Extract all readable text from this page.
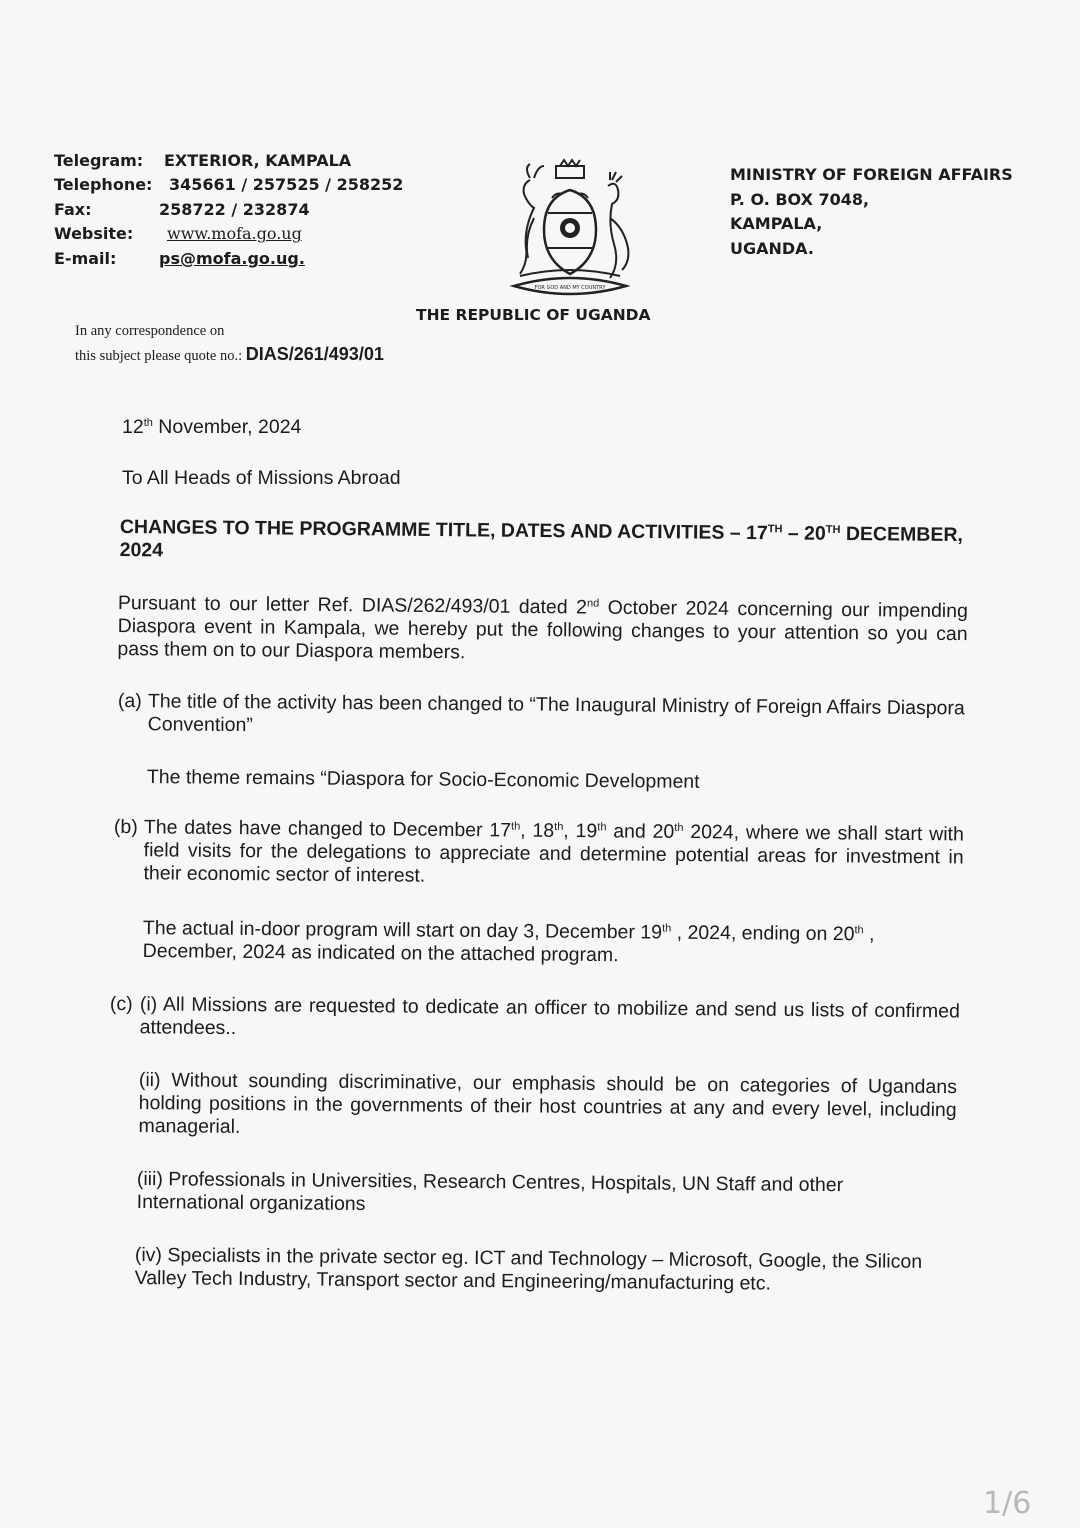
Telegram:	EXTERIOR, KAMPALA
Telephone:	345661 / 257525 / 258252
Fax:	258722 / 232874
Website:	www.mofa.go.ug
E-mail:	ps@mofa.go.ug.
FOR GOD AND MY COUNTRY
THE REPUBLIC OF UGANDA
MINISTRY OF FOREIGN AFFAIRS
P. O. BOX 7048,
KAMPALA,
UGANDA.
In any correspondence on
this subject please quote no.: DIAS/261/493/01
12th November, 2024
To All Heads of Missions Abroad
CHANGES TO THE PROGRAMME TITLE, DATES AND ACTIVITIES – 17TH – 20TH DECEMBER, 2024
Pursuant to our letter Ref. DIAS/262/493/01 dated 2nd October 2024 concerning our impending Diaspora event in Kampala, we hereby put the following changes to your attention so you can pass them on to our Diaspora members.
(a) The title of the activity has been changed to “The Inaugural Ministry of Foreign Affairs Diaspora Convention”
The theme remains “Diaspora for Socio-Economic Development
(b) The dates have changed to December 17th, 18th, 19th and 20th 2024, where we shall start with field visits for the delegations to appreciate and determine potential areas for investment in their economic sector of interest.
The actual in-door program will start on day 3, December 19th , 2024, ending on 20th , December, 2024 as indicated on the attached program.
(c) (i) All Missions are requested to dedicate an officer to mobilize and send us lists of confirmed attendees..
(ii) Without sounding discriminative, our emphasis should be on categories of Ugandans holding positions in the governments of their host countries at any and every level, including managerial.
(iii) Professionals in Universities, Research Centres, Hospitals, UN Staff and other International organizations
(iv) Specialists in the private sector eg. ICT and Technology – Microsoft, Google, the Silicon Valley Tech Industry, Transport sector and Engineering/manufacturing etc.
1/6
